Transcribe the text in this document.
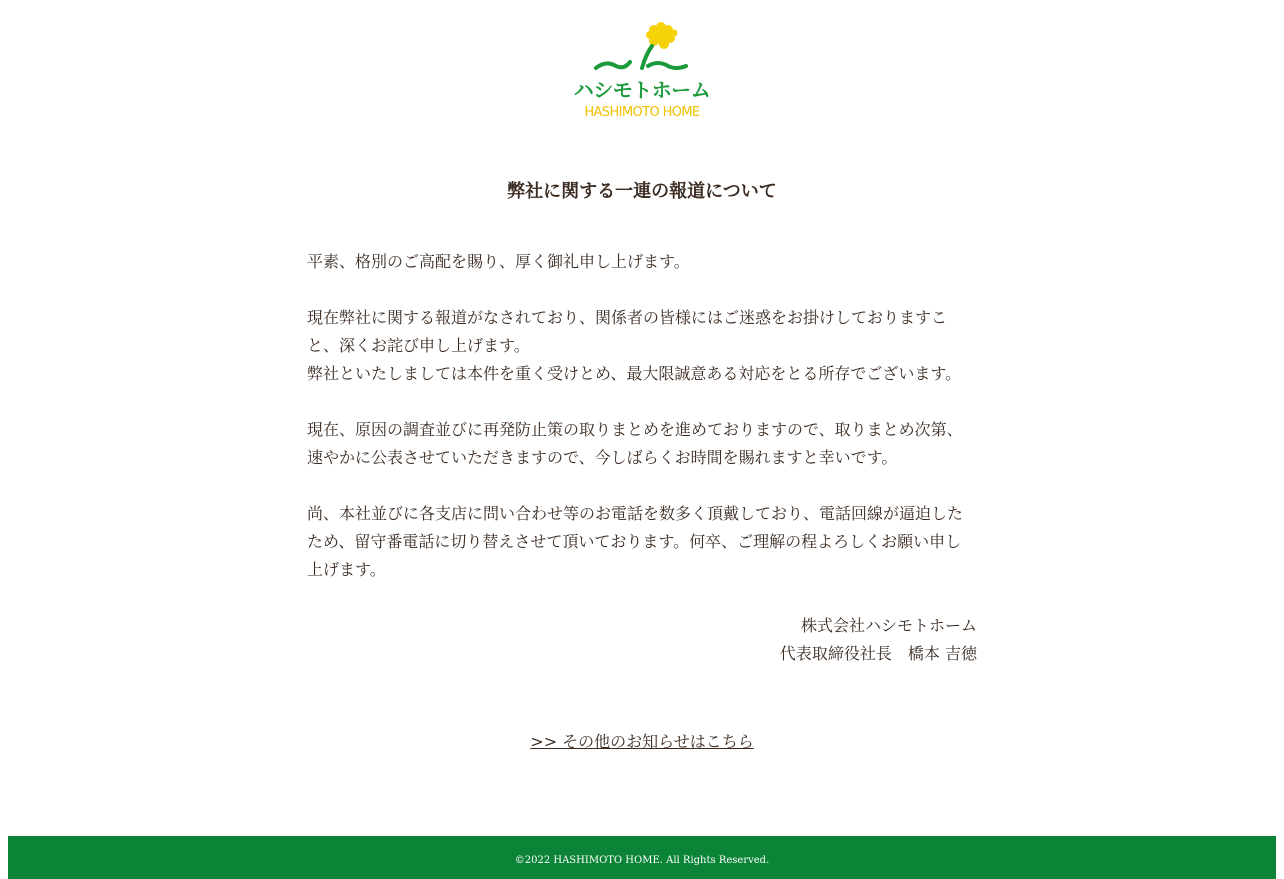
ハシモトホーム
HASHIMOTO HOME
弊社に関する一連の報道について

平素、格別のご高配を賜り、厚く御礼申し上げます。

現在弊社に関する報道がなされており、関係者の皆様にはご迷惑をお掛けしておりますこと、深くお詫び申し上げます。
弊社といたしましては本件を重く受けとめ、最大限誠意ある対応をとる所存でございます。

現在、原因の調査並びに再発防止策の取りまとめを進めておりますので、取りまとめ次第、速やかに公表させていただきますので、今しばらくお時間を賜れますと幸いです。

尚、本社並びに各支店に問い合わせ等のお電話を数多く頂戴しており、電話回線が逼迫したため、留守番電話に切り替えさせて頂いております。何卒、ご理解の程よろしくお願い申し上げます。

株式会社ハシモトホーム
代表取締役社長　橋本 吉徳
>> その他のお知らせはこちら
©2022 HASHIMOTO HOME. All Rights Reserved.
